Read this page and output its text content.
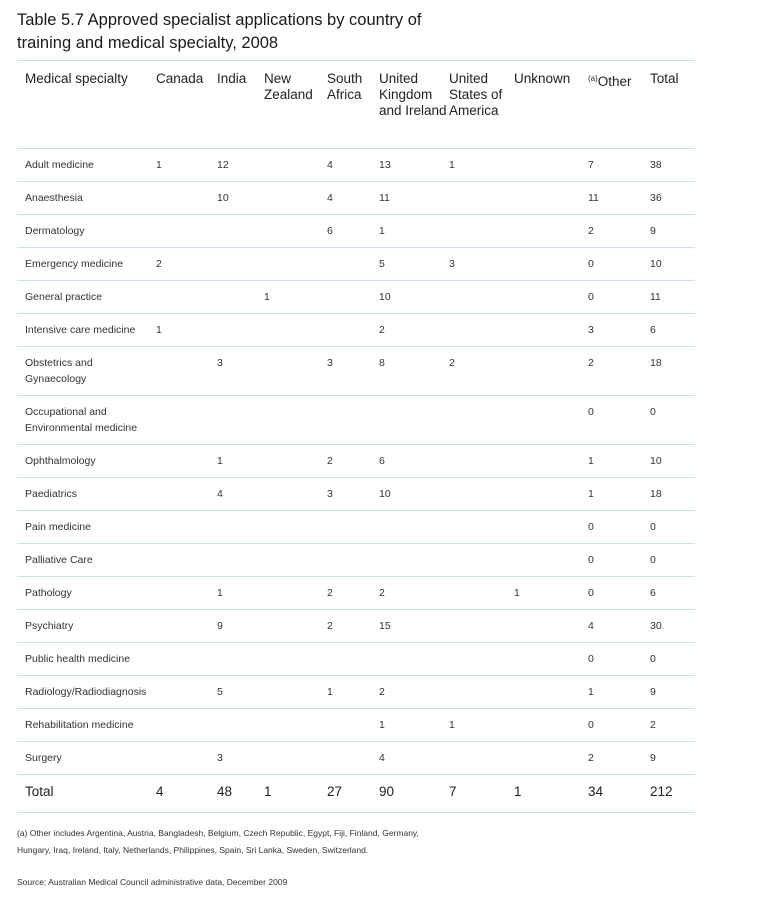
Table 5.7 Approved specialist applications by country of training and medical specialty, 2008
Medical specialty	Canada	India	New Zealand	South Africa	United Kingdom and Ireland	United States of America	Unknown	$^{(a)}$Other	Total
Adult medicine	1	12		4	13	1		7	38
Anaesthesia		10		4	11			11	36
Dermatology				6	1			2	9
Emergency medicine	2				5	3		0	10
General practice			1		10			0	11
Intensive care medicine	1				2			3	6
Obstetrics and Gynaecology		3		3	8	2		2	18
Occupational and Environmental medicine								0	0
Ophthalmology		1		2	6			1	10
Paediatrics		4		3	10			1	18
Pain medicine								0	0
Palliative Care								0	0
Pathology		1		2	2		1	0	6
Psychiatry		9		2	15			4	30
Public health medicine								0	0
Radiology/Radiodiagnosis		5		1	2			1	9
Rehabilitation medicine					1	1		0	2
Surgery		3			4			2	9
Total	4	48	1	27	90	7	1	34	212
(a) Other includes Argentina, Austria, Bangladesh, Belgium, Czech Republic, Egypt, Fiji, Finland, Germany,
Hungary, Iraq, Ireland, Italy, Netherlands, Philippines, Spain, Sri Lanka, Sweden, Switzerland.
Source: Australian Medical Council administrative data, December 2009
